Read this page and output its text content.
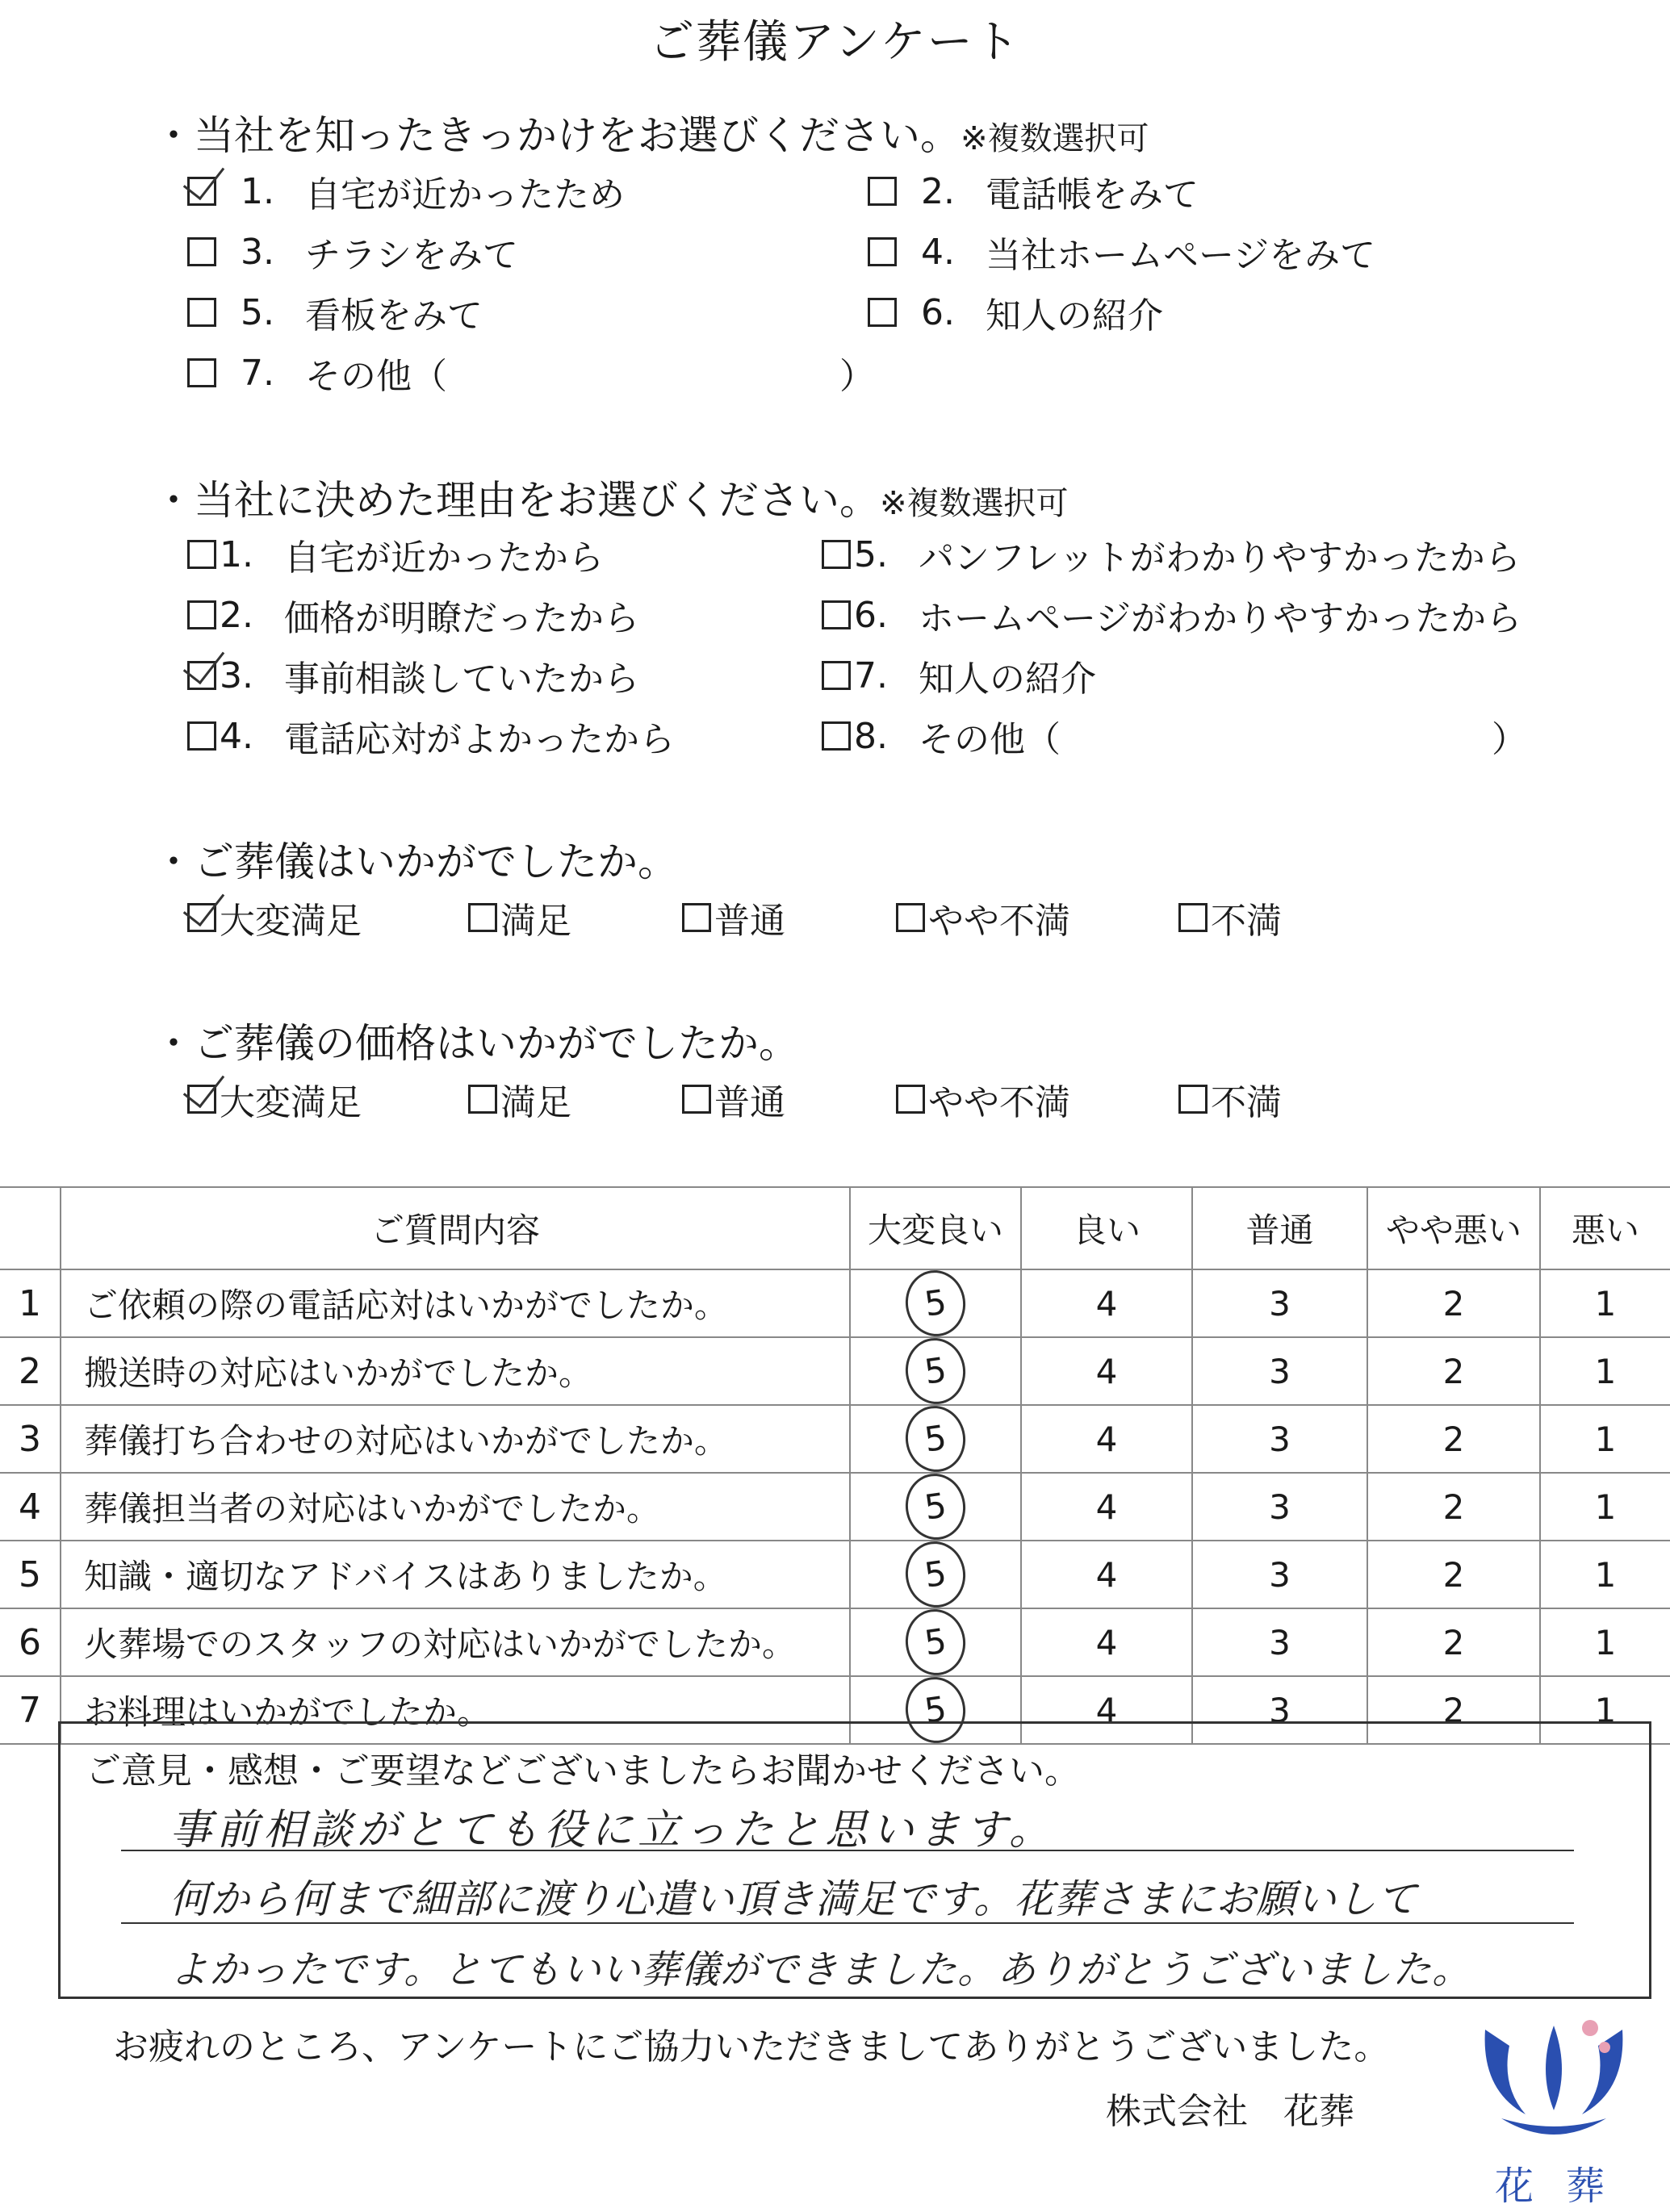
ご葬儀アンケート
・当社を知ったきっかけをお選びください。※複数選択可
1. 自宅が近かったため	2. 電話帳をみて
3. チラシをみて	4. 当社ホームページをみて
5. 看板をみて	6. 知人の紹介
7. その他（	）
・当社に決めた理由をお選びください。※複数選択可
1. 自宅が近かったから
2. 価格が明瞭だったから
3. 事前相談していたから
4. 電話応対がよかったから
5. パンフレットがわかりやすかったから
6. ホームページがわかりやすかったから
7. 知人の紹介
8. その他（	）
・ご葬儀はいかがでしたか。
大変満足	満足	普通	やや不満	不満
・ご葬儀の価格はいかがでしたか。
大変満足	満足	普通	やや不満	不満
	ご質問内容	大変良い	良い	普通	やや悪い	悪い
1	ご依頼の際の電話応対はいかがでしたか。	5	4	3	2	1
2	搬送時の対応はいかがでしたか。	5	4	3	2	1
3	葬儀打ち合わせの対応はいかがでしたか。	5	4	3	2	1
4	葬儀担当者の対応はいかがでしたか。	5	4	3	2	1
5	知識・適切なアドバイスはありましたか。	5	4	3	2	1
6	火葬場でのスタッフの対応はいかがでしたか。	5	4	3	2	1
7	お料理はいかがでしたか。	5	4	3	2	1
ご意見・感想・ご要望などございましたらお聞かせください。
事前相談がとても役に立ったと思います。
何から何まで細部に渡り心遣い頂き満足です。花葬さまにお願いして
よかったです。とてもいい葬儀ができました。ありがとうございました。
お疲れのところ、アンケートにご協力いただきましてありがとうございました。
株式会社　花葬
花葬
